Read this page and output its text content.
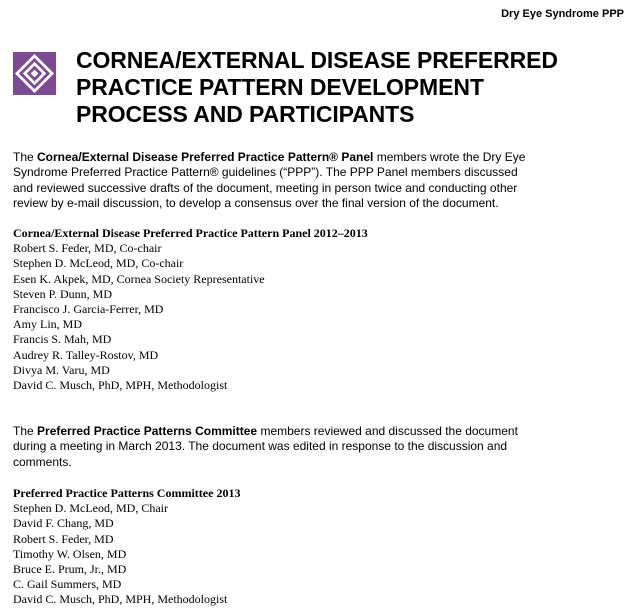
Dry Eye Syndrome PPP
CORNEA/EXTERNAL DISEASE PREFERRED
PRACTICE PATTERN DEVELOPMENT
PROCESS AND PARTICIPANTS

The Cornea/External Disease Preferred Practice Pattern® Panel members wrote the Dry Eye
Syndrome Preferred Practice Pattern® guidelines (“PPP”). The PPP Panel members discussed
and reviewed successive drafts of the document, meeting in person twice and conducting other
review by e-mail discussion, to develop a consensus over the final version of the document.

Cornea/External Disease Preferred Practice Pattern Panel 2012–2013
Robert S. Feder, MD, Co-chair
Stephen D. McLeod, MD, Co-chair
Esen K. Akpek, MD, Cornea Society Representative
Steven P. Dunn, MD
Francisco J. Garcia-Ferrer, MD
Amy Lin, MD
Francis S. Mah, MD
Audrey R. Talley-Rostov, MD
Divya M. Varu, MD
David C. Musch, PhD, MPH, Methodologist

The Preferred Practice Patterns Committee members reviewed and discussed the document
during a meeting in March 2013. The document was edited in response to the discussion and
comments.

Preferred Practice Patterns Committee 2013
Stephen D. McLeod, MD, Chair
David F. Chang, MD
Robert S. Feder, MD
Timothy W. Olsen, MD
Bruce E. Prum, Jr., MD
C. Gail Summers, MD
David C. Musch, PhD, MPH, Methodologist
